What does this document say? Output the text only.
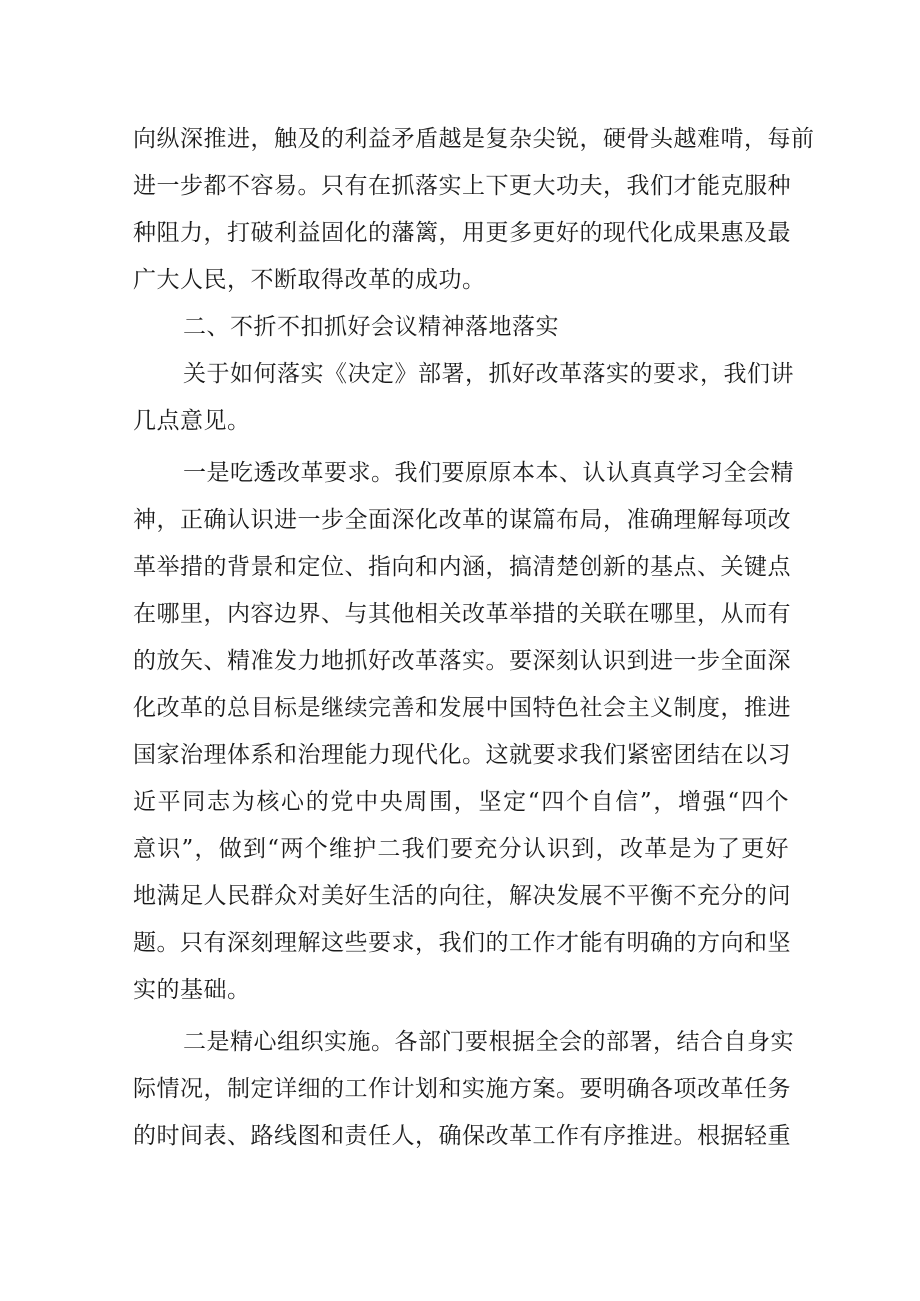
向纵深推进，触及的利益矛盾越是复杂尖锐，硬骨头越难啃，每前
进一步都不容易。只有在抓落实上下更大功夫，我们才能克服种
种阻力，打破利益固化的藩篱，用更多更好的现代化成果惠及最
广大人民，不断取得改革的成功。
二、不折不扣抓好会议精神落地落实
关于如何落实《决定》部署，抓好改革落实的要求，我们讲
几点意见。
一是吃透改革要求。我们要原原本本、认认真真学习全会精
神，正确认识进一步全面深化改革的谋篇布局，准确理解每项改
革举措的背景和定位、指向和内涵，搞清楚创新的基点、关键点
在哪里，内容边界、与其他相关改革举措的关联在哪里，从而有
的放矢、精准发力地抓好改革落实。要深刻认识到进一步全面深
化改革的总目标是继续完善和发展中国特色社会主义制度，推进
国家治理体系和治理能力现代化。这就要求我们紧密团结在以习
近平同志为核心的党中央周围，坚定“四个自信”，增强“四个
意识”，做到“两个维护二我们要充分认识到，改革是为了更好
地满足人民群众对美好生活的向往，解决发展不平衡不充分的问
题。只有深刻理解这些要求，我们的工作才能有明确的方向和坚
实的基础。
二是精心组织实施。各部门要根据全会的部署，结合自身实
际情况，制定详细的工作计划和实施方案。要明确各项改革任务
的时间表、路线图和责任人，确保改革工作有序推进。根据轻重
